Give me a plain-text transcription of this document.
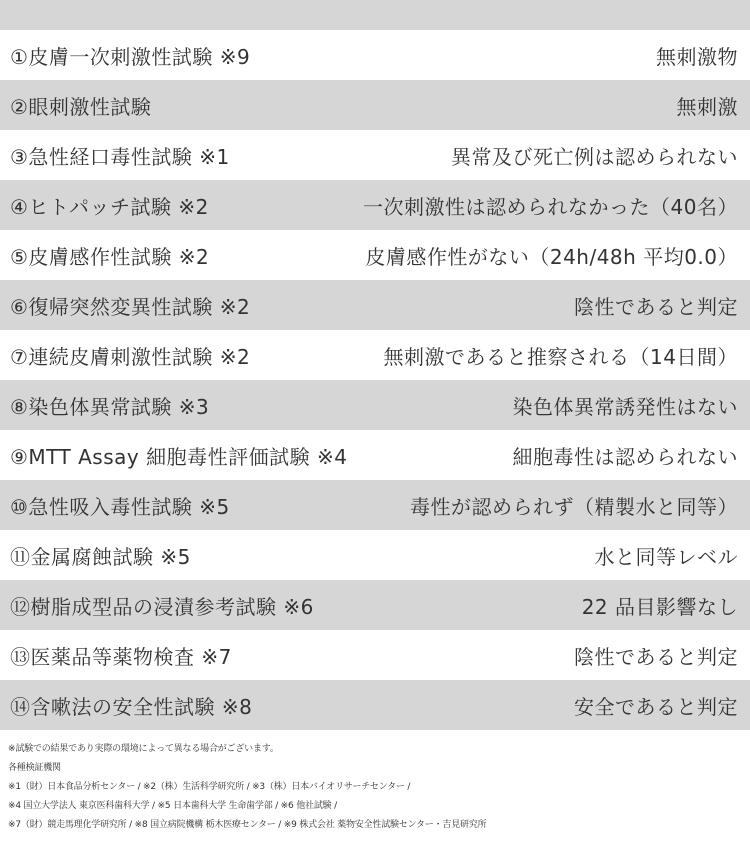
①皮膚一次刺激性試験 ※9	無刺激物
②眼刺激性試験	無刺激
③急性経口毒性試験 ※1	異常及び死亡例は認められない
④ヒトパッチ試験 ※2	一次刺激性は認められなかった（40名）
⑤皮膚感作性試験 ※2	皮膚感作性がない（24h/48h 平均0.0）
⑥復帰突然変異性試験 ※2	陰性であると判定
⑦連続皮膚刺激性試験 ※2	無刺激であると推察される（14日間）
⑧染色体異常試験 ※3	染色体異常誘発性はない
⑨MTT Assay 細胞毒性評価試験 ※4	細胞毒性は認められない
⑩急性吸入毒性試験 ※5	毒性が認められず（精製水と同等）
⑪金属腐蝕試験 ※5	水と同等レベル
⑫樹脂成型品の浸漬参考試験 ※6	22 品目影響なし
⑬医薬品等薬物検査 ※7	陰性であると判定
⑭含嗽法の安全性試験 ※8	安全であると判定
※試験での結果であり実際の環境によって異なる場合がございます。
各種検証機関
※1（財）日本食品分析センター / ※2（株）生活科学研究所 / ※3（株）日本バイオリサーチセンター /
※4 国立大学法人 東京医科歯科大学 / ※5 日本歯科大学 生命歯学部 / ※6 他社試験 /
※7（財）競走馬理化学研究所 / ※8 国立病院機構 栃木医療センター / ※9 株式会社 薬物安全性試験センター・吉見研究所
